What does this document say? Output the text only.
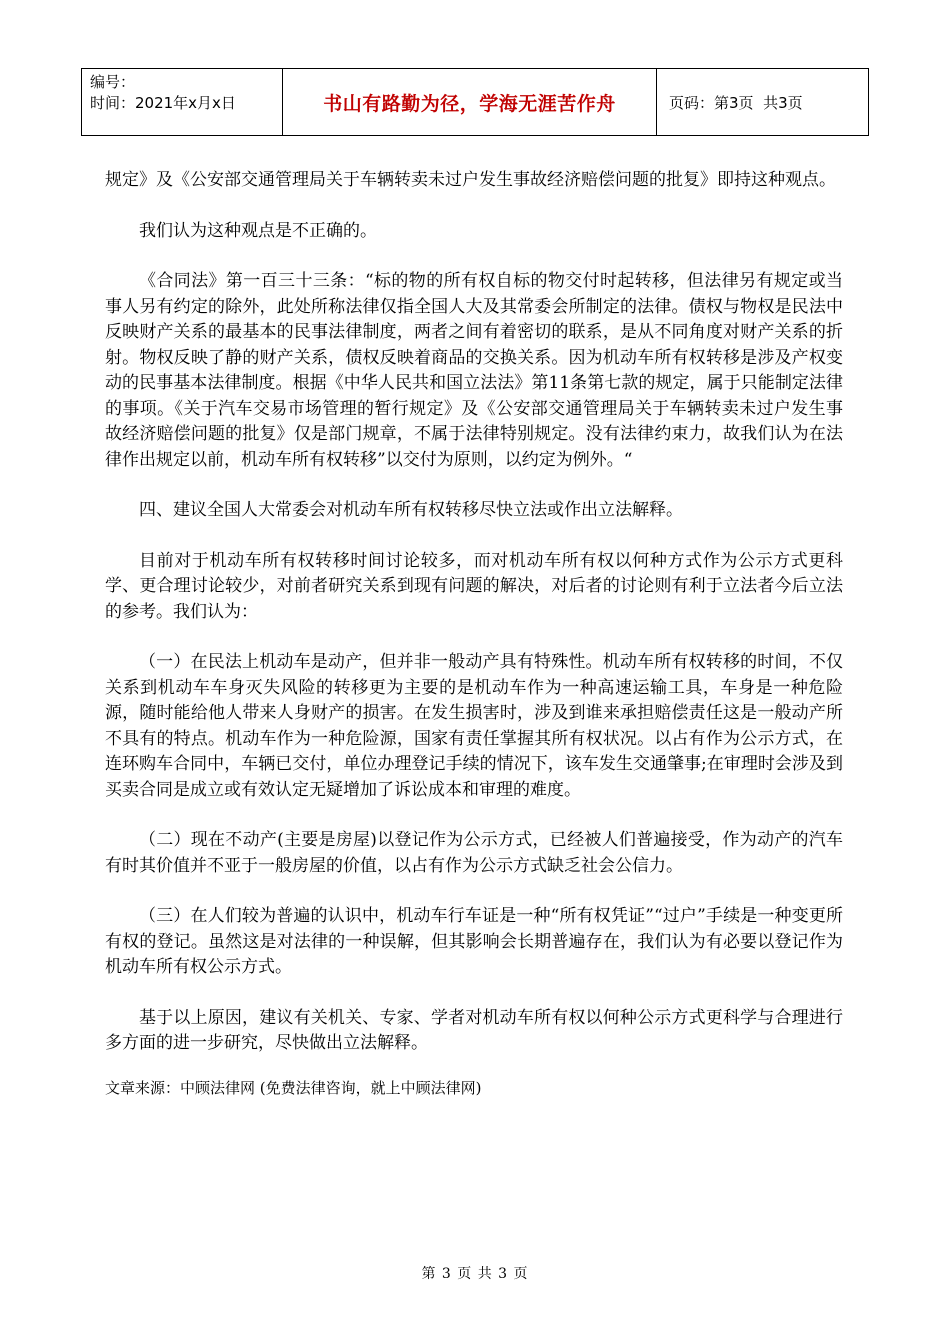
编号：
时间：2021年x月x日	书山有路勤为径，学海无涯苦作舟	页码：第3页  共3页

规定》及《公安部交通管理局关于车辆转卖未过户发生事故经济赔偿问题的批复》即持这种观点。

我们认为这种观点是不正确的。

《合同法》第一百三十三条：“标的物的所有权自标的物交付时起转移，但法律另有规定或当事人另有约定的除外，此处所称法律仅指全国人大及其常委会所制定的法律。债权与物权是民法中反映财产关系的最基本的民事法律制度，两者之间有着密切的联系，是从不同角度对财产关系的折射。物权反映了静的财产关系，债权反映着商品的交换关系。因为机动车所有权转移是涉及产权变动的民事基本法律制度。根据《中华人民共和国立法法》第11条第七款的规定，属于只能制定法律的事项。《关于汽车交易市场管理的暂行规定》及《公安部交通管理局关于车辆转卖未过户发生事故经济赔偿问题的批复》仅是部门规章，不属于法律特别规定。没有法律约束力，故我们认为在法律作出规定以前，机动车所有权转移”以交付为原则，以约定为例外。“

四、建议全国人大常委会对机动车所有权转移尽快立法或作出立法解释。

目前对于机动车所有权转移时间讨论较多，而对机动车所有权以何种方式作为公示方式更科学、更合理讨论较少，对前者研究关系到现有问题的解决，对后者的讨论则有利于立法者今后立法的参考。我们认为：

（一）在民法上机动车是动产，但并非一般动产具有特殊性。机动车所有权转移的时间，不仅关系到机动车车身灭失风险的转移更为主要的是机动车作为一种高速运输工具，车身是一种危险源，随时能给他人带来人身财产的损害。在发生损害时，涉及到谁来承担赔偿责任这是一般动产所不具有的特点。机动车作为一种危险源，国家有责任掌握其所有权状况。以占有作为公示方式，在连环购车合同中，车辆已交付，单位办理登记手续的情况下，该车发生交通肇事;在审理时会涉及到买卖合同是成立或有效认定无疑增加了诉讼成本和审理的难度。

（二）现在不动产(主要是房屋)以登记作为公示方式，已经被人们普遍接受，作为动产的汽车有时其价值并不亚于一般房屋的价值，以占有作为公示方式缺乏社会公信力。

（三）在人们较为普遍的认识中，机动车行车证是一种“所有权凭证”“过户”手续是一种变更所有权的登记。虽然这是对法律的一种误解，但其影响会长期普遍存在，我们认为有必要以登记作为机动车所有权公示方式。

基于以上原因，建议有关机关、专家、学者对机动车所有权以何种公示方式更科学与合理进行多方面的进一步研究，尽快做出立法解释。

文章来源：中顾法律网 (免费法律咨询，就上中顾法律网)

第 3 页 共 3 页
